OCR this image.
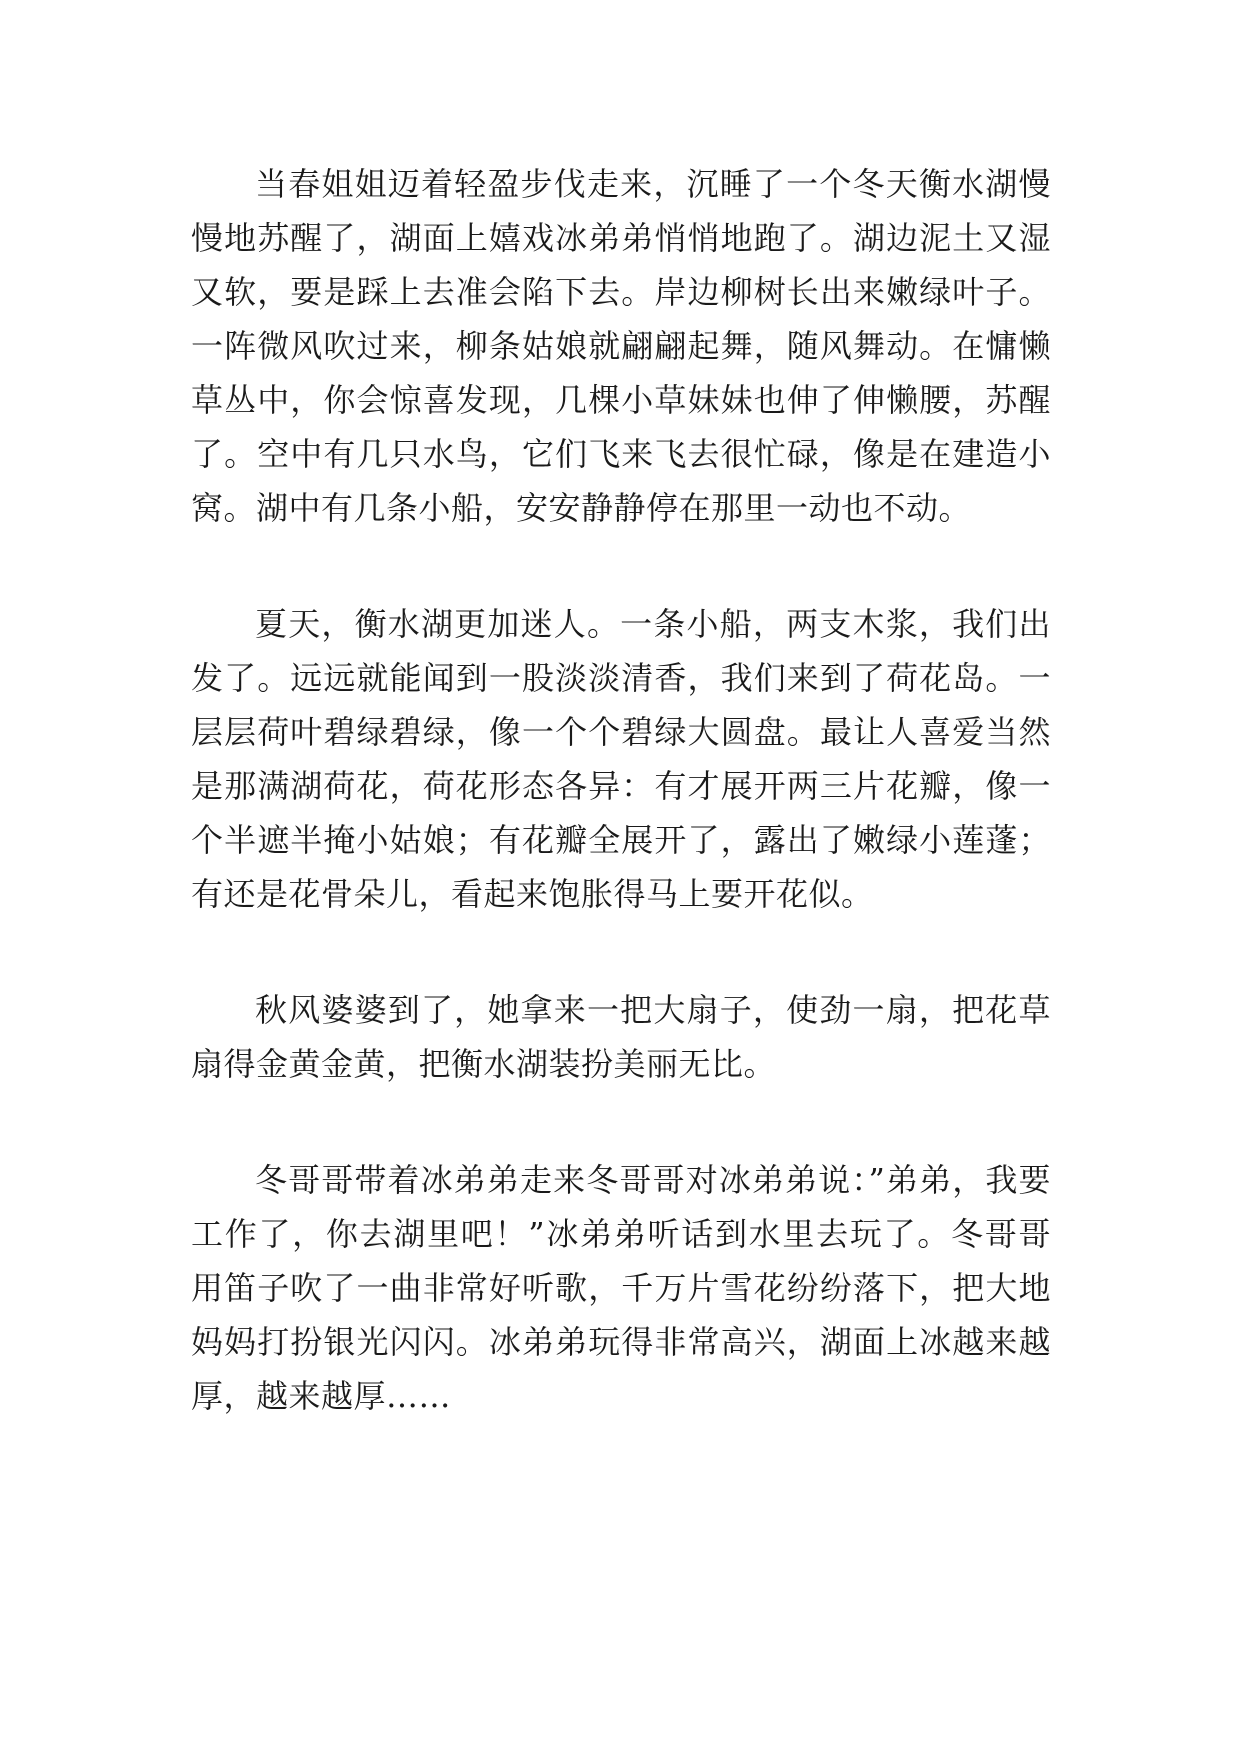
当春姐姐迈着轻盈步伐走来，沉睡了一个冬天衡水湖慢慢地苏醒了，湖面上嬉戏冰弟弟悄悄地跑了。湖边泥土又湿又软，要是踩上去准会陷下去。岸边柳树长出来嫩绿叶子。一阵微风吹过来，柳条姑娘就翩翩起舞，随风舞动。在慵懒草丛中，你会惊喜发现，几棵小草妹妹也伸了伸懒腰，苏醒了。空中有几只水鸟，它们飞来飞去很忙碌，像是在建造小窝。湖中有几条小船，安安静静停在那里一动也不动。

夏天，衡水湖更加迷人。一条小船，两支木浆，我们出发了。远远就能闻到一股淡淡清香，我们来到了荷花岛。一层层荷叶碧绿碧绿，像一个个碧绿大圆盘。最让人喜爱当然是那满湖荷花，荷花形态各异：有才展开两三片花瓣，像一个半遮半掩小姑娘；有花瓣全展开了，露出了嫩绿小莲蓬；有还是花骨朵儿，看起来饱胀得马上要开花似。

秋风婆婆到了，她拿来一把大扇子，使劲一扇，把花草扇得金黄金黄，把衡水湖装扮美丽无比。

冬哥哥带着冰弟弟走来冬哥哥对冰弟弟说：”弟弟，我要工作了，你去湖里吧！”冰弟弟听话到水里去玩了。冬哥哥用笛子吹了一曲非常好听歌，千万片雪花纷纷落下，把大地妈妈打扮银光闪闪。冰弟弟玩得非常高兴，湖面上冰越来越厚，越来越厚……
